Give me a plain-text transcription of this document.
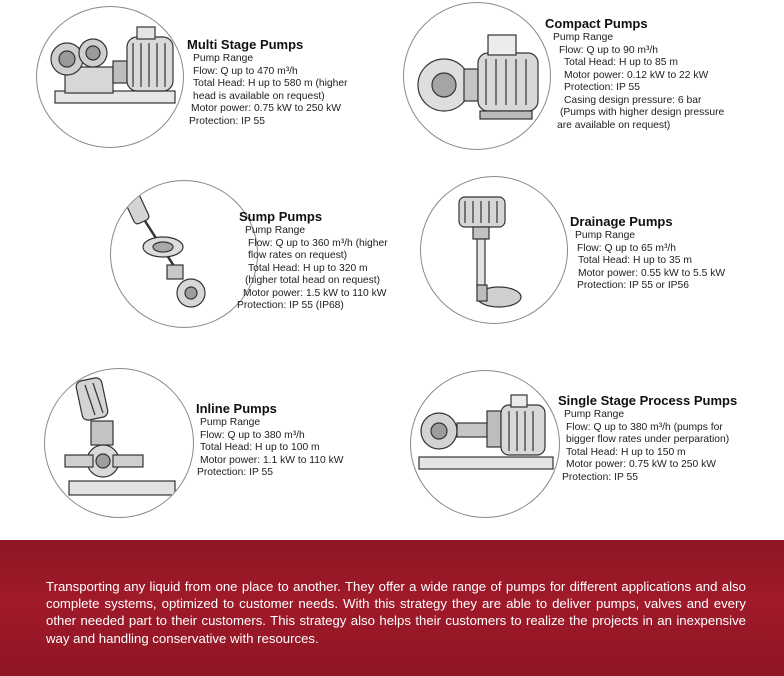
Multi Stage Pumps
Pump Range
Flow: Q up to 470 m³/h
Total Head: H up to 580 m (higher
head is available on request)
Motor power: 0.75 kW to 250 kW
Protection: IP 55
Compact Pumps
Pump Range
Flow: Q up to 90 m³/h
Total Head: H up to 85 m
Motor power: 0.12 kW to 22 kW
Protection: IP 55
Casing design pressure: 6 bar
(Pumps with higher design pressure
are available on request)
Sump Pumps
Pump Range
Flow: Q up to 360 m³/h (higher
flow rates on request)
Total Head: H up to 320 m
(higher total head on request)
Motor power: 1.5 kW to 110 kW
Protection: IP 55 (IP68)
Drainage Pumps
Pump Range
Flow: Q up to 65 m³/h
Total Head: H up to 35 m
Motor power: 0.55 kW to 5.5 kW
Protection: IP 55 or IP56
Inline Pumps
Pump Range
Flow: Q up to 380 m³/h
Total Head: H up to 100 m
Motor power: 1.1 kW to 110 kW
Protection: IP 55
Single Stage Process Pumps
Pump Range
Flow: Q up to 380 m³/h (pumps for
bigger flow rates under perparation)
Total Head: H up to 150 m
Motor power: 0.75 kW to 250 kW
Protection: IP 55

Transporting any liquid from one place to another. They offer a wide range of pumps for different applications and also complete systems, optimized to customer needs. With this strategy they are able to deliver pumps, valves and every other needed part to their customers. This strategy also helps their customers to realize the projects in an inexpensive way and handling conservative with resources.
